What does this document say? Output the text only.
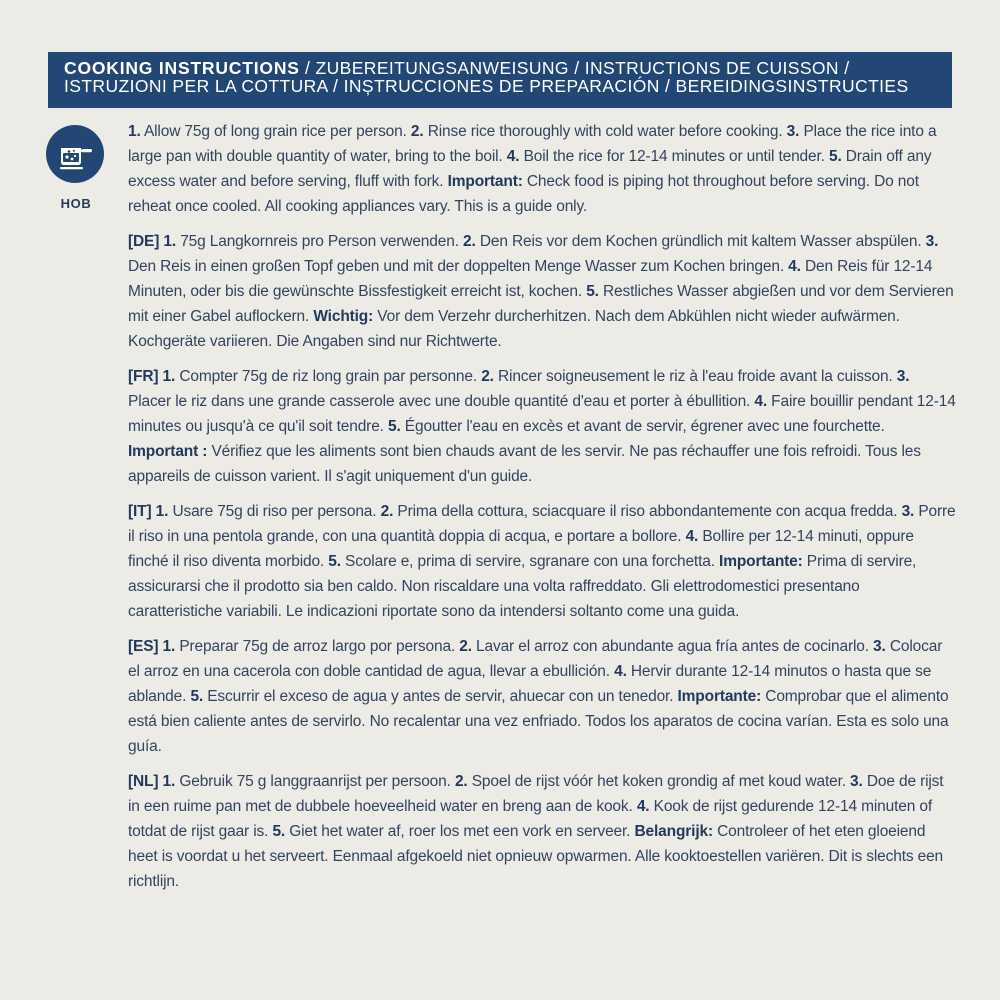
COOKING INSTRUCTIONS / ZUBEREITUNGSANWEISUNG / INSTRUCTIONS DE CUISSON /
ISTRUZIONI PER LA COTTURA / INȘTRUCCIONES DE PREPARACIÓN / BEREIDINGSINSTRUCTIES
HOB

1. Allow 75g of long grain rice per person. 2. Rinse rice thoroughly with cold water before cooking. 3. Place the rice into a large pan with double quantity of water, bring to the boil. 4. Boil the rice for 12-14 minutes or until tender. 5. Drain off any excess water and before serving, fluff with fork. Important: Check food is piping hot throughout before serving. Do not reheat once cooled. All cooking appliances vary. This is a guide only.

[DE] 1. 75g Langkornreis pro Person verwenden. 2. Den Reis vor dem Kochen gründlich mit kaltem Wasser abspülen. 3. Den Reis in einen großen Topf geben und mit der doppelten Menge Wasser zum Kochen bringen. 4. Den Reis für 12-14 Minuten, oder bis die gewünschte Bissfestigkeit erreicht ist, kochen. 5. Restliches Wasser abgießen und vor dem Servieren mit einer Gabel auflockern. Wichtig: Vor dem Verzehr durcherhitzen. Nach dem Abkühlen nicht wieder aufwärmen. Kochgeräte variieren. Die Angaben sind nur Richtwerte.

[FR] 1. Compter 75g de riz long grain par personne. 2. Rincer soigneusement le riz à l'eau froide avant la cuisson. 3. Placer le riz dans une grande casserole avec une double quantité d'eau et porter à ébullition. 4. Faire bouillir pendant 12-14 minutes ou jusqu'à ce qu'il soit tendre. 5. Égoutter l'eau en excès et avant de servir, égrener avec une fourchette. Important : Vérifiez que les aliments sont bien chauds avant de les servir. Ne pas réchauffer une fois refroidi. Tous les appareils de cuisson varient. Il s'agit uniquement d'un guide.

[IT] 1. Usare 75g di riso per persona. 2. Prima della cottura, sciacquare il riso abbondantemente con acqua fredda. 3. Porre il riso in una pentola grande, con una quantità doppia di acqua, e portare a bollore. 4. Bollire per 12-14 minuti, oppure finché il riso diventa morbido. 5. Scolare e, prima di servire, sgranare con una forchetta. Importante: Prima di servire, assicurarsi che il prodotto sia ben caldo. Non riscaldare una volta raffreddato. Gli elettrodomestici presentano caratteristiche variabili. Le indicazioni riportate sono da intendersi soltanto come una guida.

[ES] 1. Preparar 75g de arroz largo por persona. 2. Lavar el arroz con abundante agua fría antes de cocinarlo. 3. Colocar el arroz en una cacerola con doble cantidad de agua, llevar a ebullición. 4. Hervir durante 12-14 minutos o hasta que se ablande. 5. Escurrir el exceso de agua y antes de servir, ahuecar con un tenedor. Importante: Comprobar que el alimento está bien caliente antes de servirlo. No recalentar una vez enfriado. Todos los aparatos de cocina varían. Esta es solo una guía.

[NL] 1. Gebruik 75 g langgraanrijst per persoon. 2. Spoel de rijst vóór het koken grondig af met koud water. 3. Doe de rijst in een ruime pan met de dubbele hoeveelheid water en breng aan de kook. 4. Kook de rijst gedurende 12-14 minuten of totdat de rijst gaar is. 5. Giet het water af, roer los met een vork en serveer. Belangrijk: Controleer of het eten gloeiend heet is voordat u het serveert. Eenmaal afgekoeld niet opnieuw opwarmen. Alle kooktoestellen variëren. Dit is slechts een richtlijn.
